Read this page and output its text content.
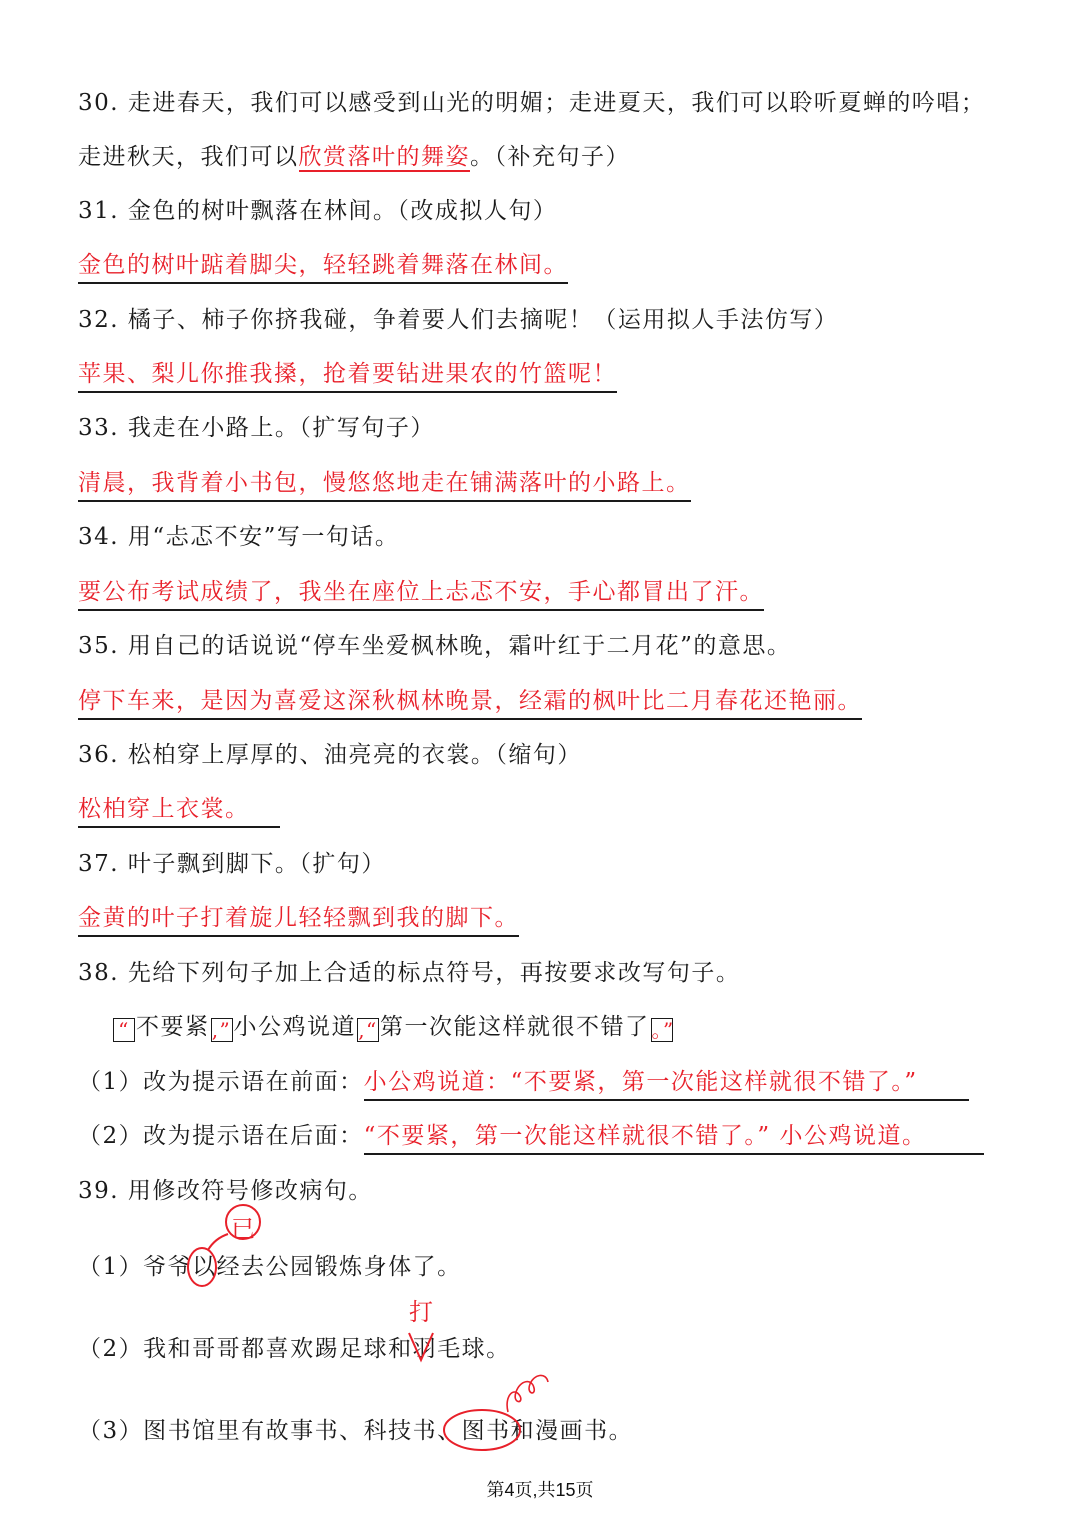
30. 走进春天，我们可以感受到山光的明媚；走进夏天，我们可以聆听夏蝉的吟唱；
走进秋天，我们可以欣赏落叶的舞姿。（补充句子）
31. 金色的树叶飘落在林间。（改成拟人句）
金色的树叶踮着脚尖，轻轻跳着舞落在林间。
32. 橘子、柿子你挤我碰，争着要人们去摘呢！（运用拟人手法仿写）
苹果、梨儿你推我搡，抢着要钻进果农的竹篮呢！
33. 我走在小路上。（扩写句子）
清晨，我背着小书包，慢悠悠地走在铺满落叶的小路上。
34. 用“忐忑不安”写一句话。
要公布考试成绩了，我坐在座位上忐忑不安，手心都冒出了汗。
35. 用自己的话说说“停车坐爱枫林晚，霜叶红于二月花”的意思。
停下车来，是因为喜爱这深秋枫林晚景，经霜的枫叶比二月春花还艳丽。
36. 松柏穿上厚厚的、油亮亮的衣裳。（缩句）
松柏穿上衣裳。
37. 叶子飘到脚下。（扩句）
金黄的叶子打着旋儿轻轻飘到我的脚下。
38. 先给下列句子加上合适的标点符号，再按要求改写句子。
“ 不要紧 ,”小公鸡说道 ,“第一次能这样就很不错了 。”
（1）改为提示语在前面：小公鸡说道：“不要紧，第一次能这样就很不错了。”
（2）改为提示语在后面：“不要紧，第一次能这样就很不错了。” 小公鸡说道。
39. 用修改符号修改病句。
（1）爷爷以经去公园锻炼身体了。
已
（2）我和哥哥都喜欢踢足球和羽毛球。
打
（3）图书馆里有故事书、科技书、图书和漫画书。
第4页,共15页
